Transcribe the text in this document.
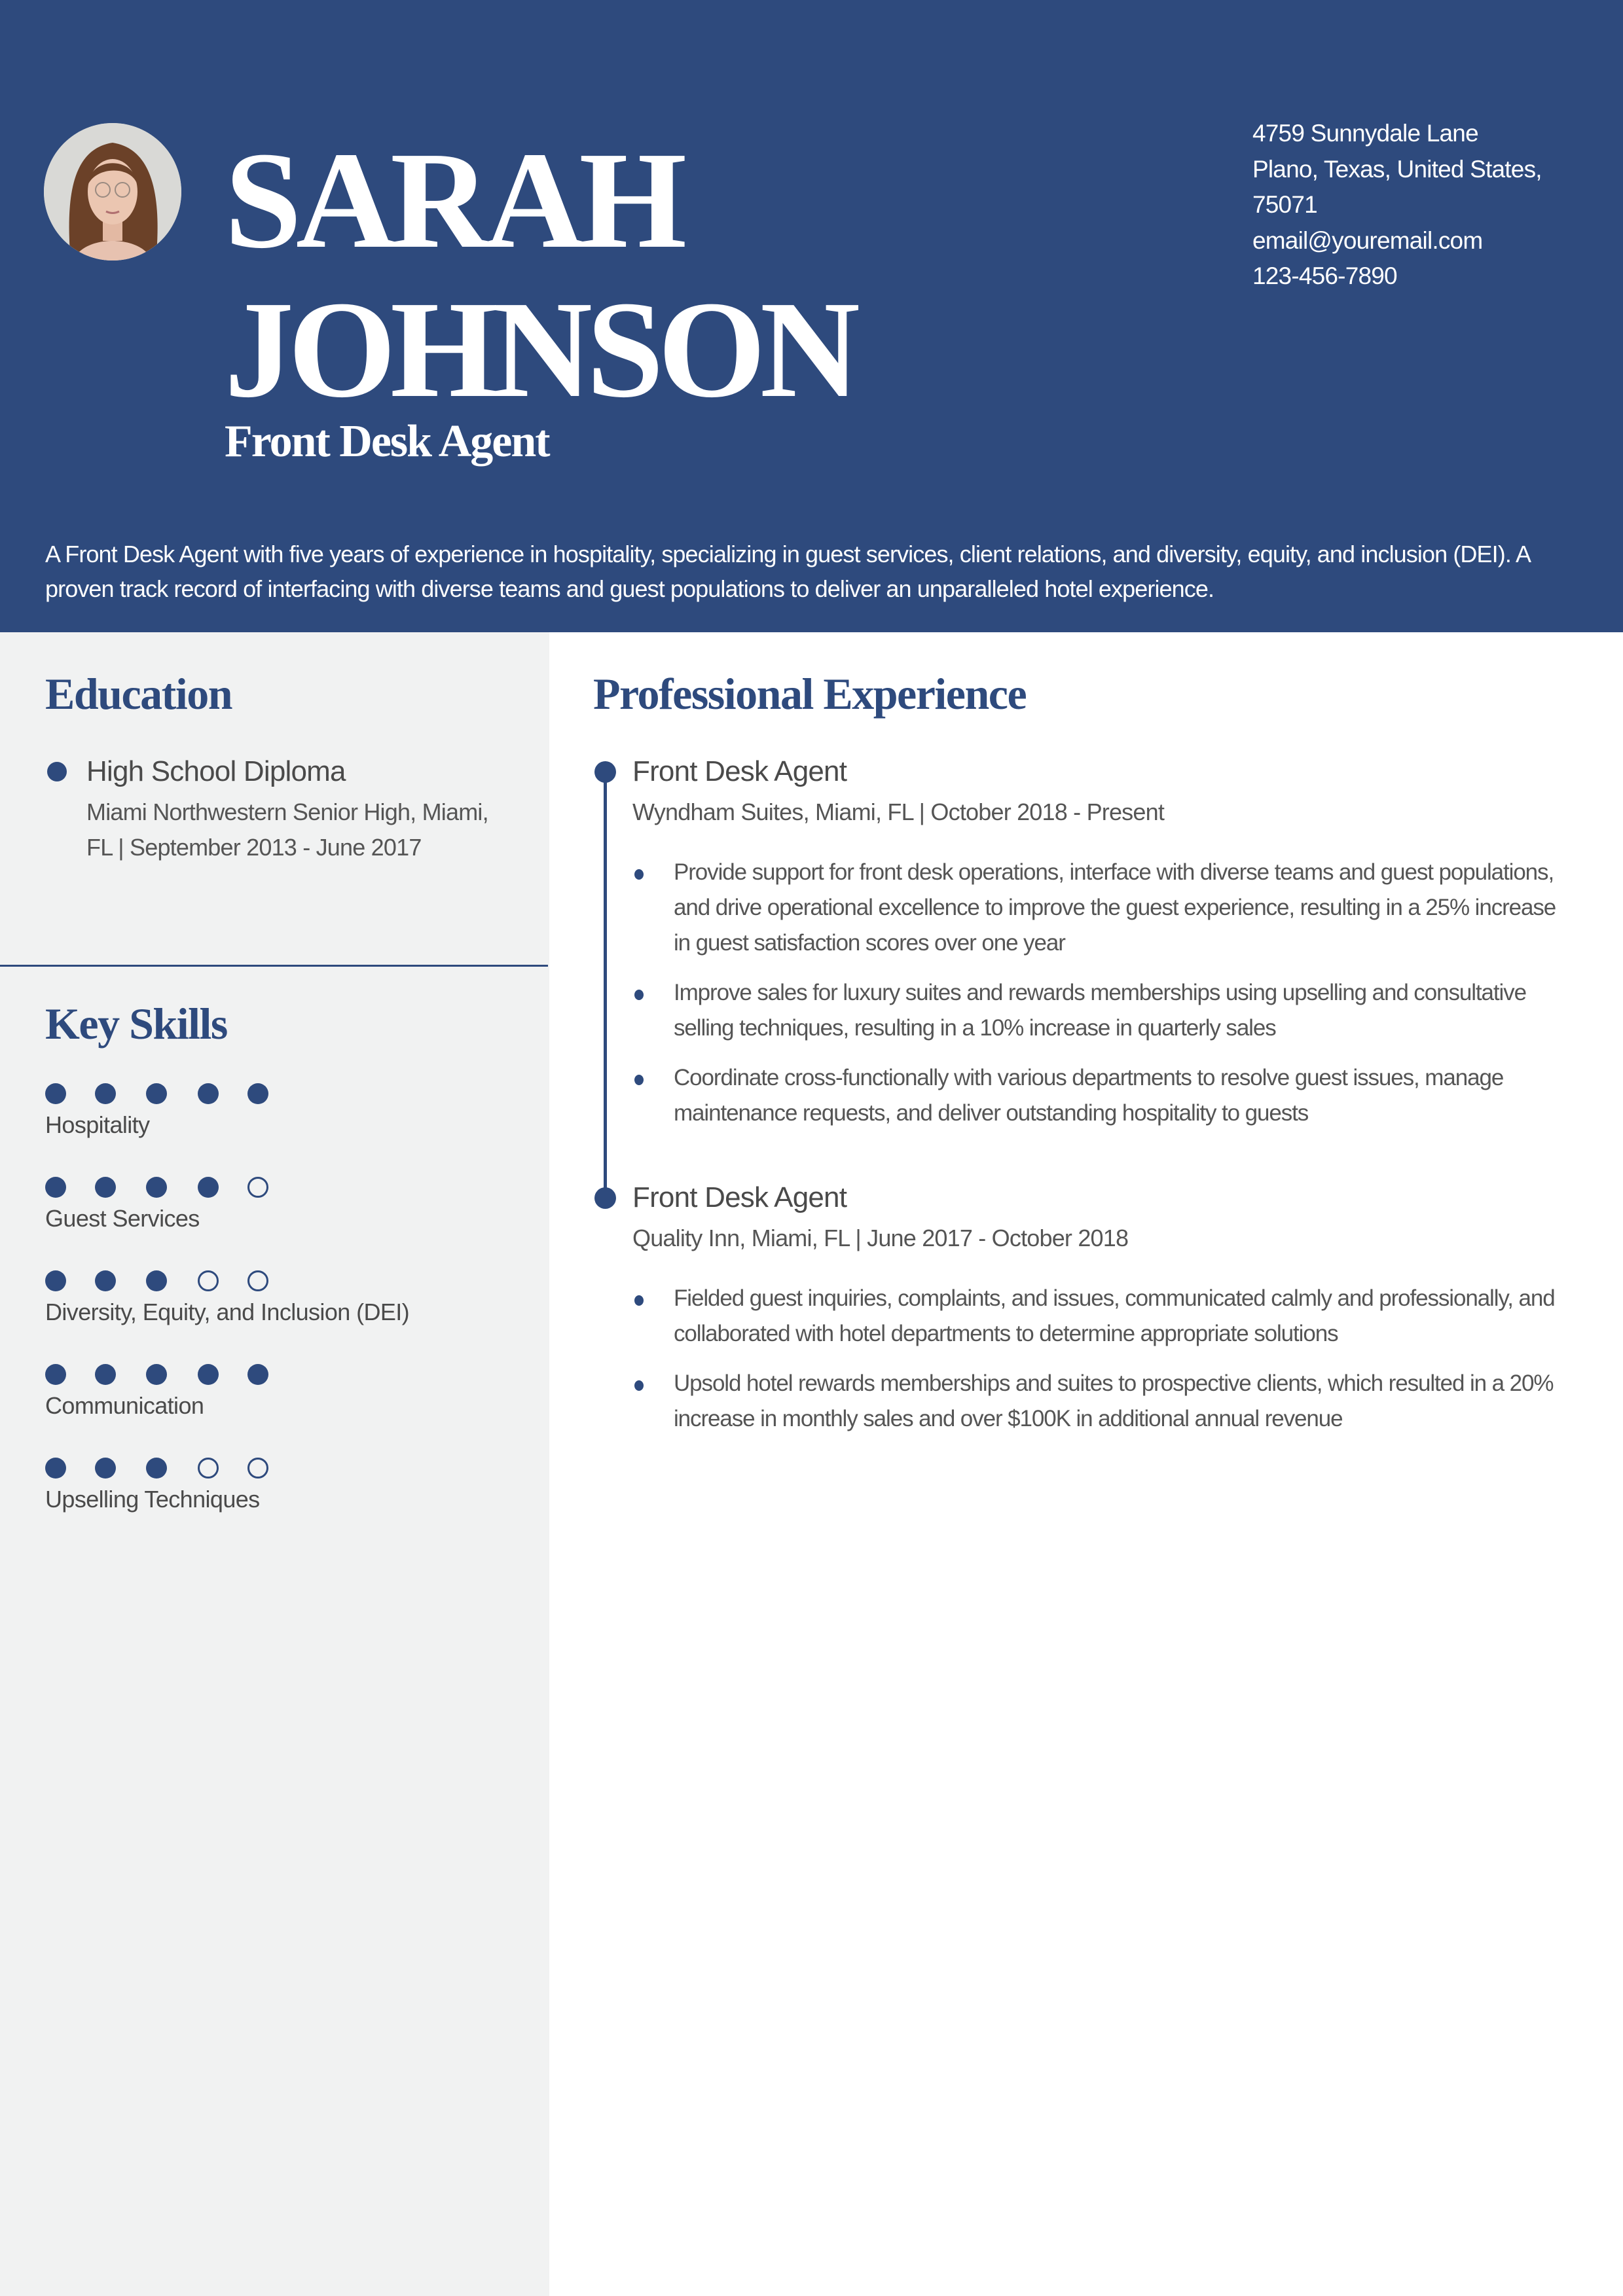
SARAH
JOHNSON
Front Desk Agent
4759 Sunnydale Lane
Plano, Texas, United States,
75071
email@youremail.com
123-456-7890
A Front Desk Agent with five years of experience in hospitality, specializing in guest services, client relations, and diversity, equity, and inclusion (DEI). A proven track record of interfacing with diverse teams and guest populations to deliver an unparalleled hotel experience.
Education
High School Diploma
Miami Northwestern Senior High, Miami, FL | September 2013 - June 2017
Key Skills
Hospitality
Guest Services
Diversity, Equity, and Inclusion (DEI)
Communication
Upselling Techniques
Professional Experience
Front Desk Agent
Wyndham Suites, Miami, FL | October 2018 - Present
Provide support for front desk operations, interface with diverse teams and guest populations, and drive operational excellence to improve the guest experience, resulting in a 25% increase in guest satisfaction scores over one year
Improve sales for luxury suites and rewards memberships using upselling and consultative selling techniques, resulting in a 10% increase in quarterly sales
Coordinate cross-functionally with various departments to resolve guest issues, manage maintenance requests, and deliver outstanding hospitality to guests
Front Desk Agent
Quality Inn, Miami, FL | June 2017 - October 2018
Fielded guest inquiries, complaints, and issues, communicated calmly and professionally, and collaborated with hotel departments to determine appropriate solutions
Upsold hotel rewards memberships and suites to prospective clients, which resulted in a 20% increase in monthly sales and over $100K in additional annual revenue
